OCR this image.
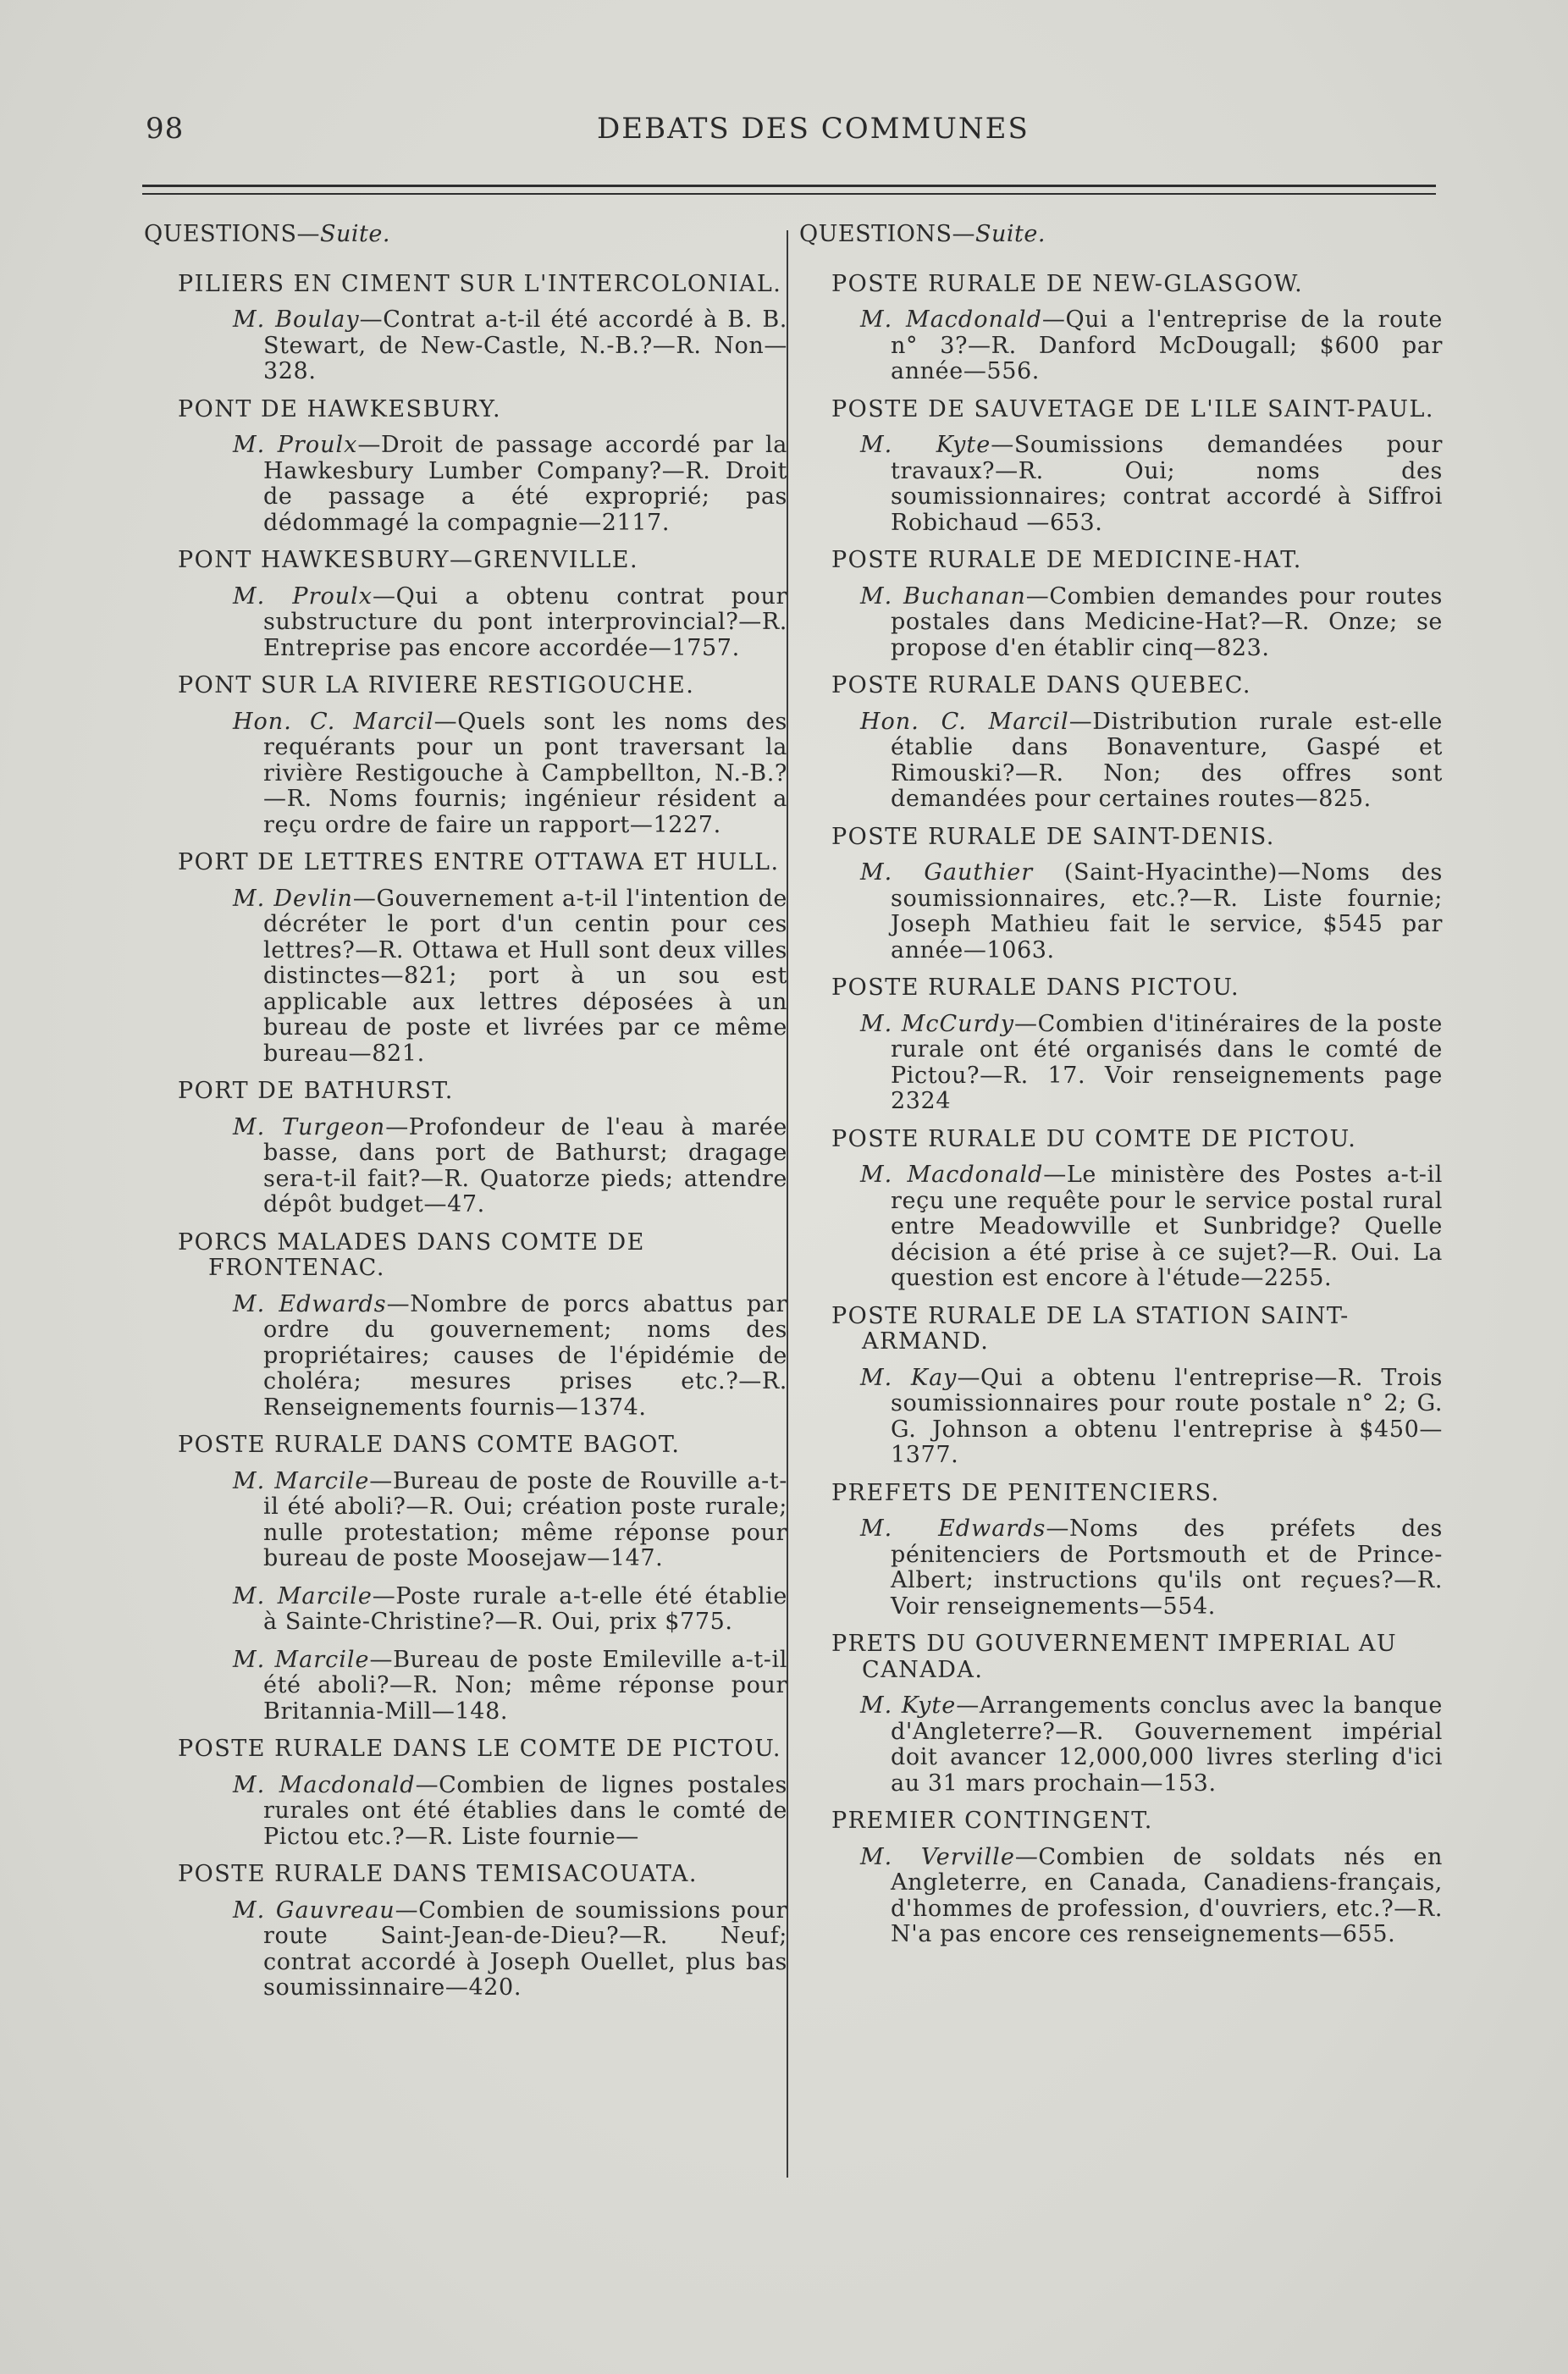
98	DEBATS DES COMMUNES
QUESTIONS—Suite.
PILIERS EN CIMENT SUR L'INTERCOLONIAL.
M. Boulay—Contrat a-t-il été accordé à B. B. Stewart, de New-Castle, N.-B.?—R. Non—328.
PONT DE HAWKESBURY.
M. Proulx—Droit de passage accordé par la Hawkesbury Lumber Company?—R. Droit de passage a été exproprié; pas dédommagé la compagnie—2117.
PONT HAWKESBURY—GRENVILLE.
M. Proulx—Qui a obtenu contrat pour substructure du pont interprovincial?—R. Entreprise pas encore accordée—1757.
PONT SUR LA RIVIERE RESTIGOUCHE.
Hon. C. Marcil—Quels sont les noms des requérants pour un pont traversant la rivière Restigouche à Campbellton, N.-B.? —R. Noms fournis; ingénieur résident a reçu ordre de faire un rapport—1227.
PORT DE LETTRES ENTRE OTTAWA ET HULL.
M. Devlin—Gouvernement a-t-il l'intention de décréter le port d'un centin pour ces lettres?—R. Ottawa et Hull sont deux villes distinctes—821; port à un sou est applicable aux lettres déposées à un bureau de poste et livrées par ce même bureau—821.
PORT DE BATHURST.
M. Turgeon—Profondeur de l'eau à marée basse, dans port de Bathurst; dragage sera-t-il fait?—R. Quatorze pieds; attendre dépôt budget—47.
PORCS MALADES DANS COMTE DE FRONTENAC.
M. Edwards—Nombre de porcs abattus par ordre du gouvernement; noms des propriétaires; causes de l'épidémie de choléra; mesures prises etc.?—R. Renseignements fournis—1374.
POSTE RURALE DANS COMTE BAGOT.
M. Marcile—Bureau de poste de Rouville a-t-il été aboli?—R. Oui; création poste rurale; nulle protestation; même réponse pour bureau de poste Moosejaw—147.
M. Marcile—Poste rurale a-t-elle été établie à Sainte-Christine?—R. Oui, prix $775.
M. Marcile—Bureau de poste Emileville a-t-il été aboli?—R. Non; même réponse pour Britannia-Mill—148.
POSTE RURALE DANS LE COMTE DE PICTOU.
M. Macdonald—Combien de lignes postales rurales ont été établies dans le comté de Pictou etc.?—R. Liste fournie—
POSTE RURALE DANS TEMISACOUATA.
M. Gauvreau—Combien de soumissions pour route Saint-Jean-de-Dieu?—R. Neuf; contrat accordé à Joseph Ouellet, plus bas soumissinnaire—420.
QUESTIONS—Suite.
POSTE RURALE DE NEW-GLASGOW.
M. Macdonald—Qui a l'entreprise de la route n° 3?—R. Danford McDougall; $600 par année—556.
POSTE DE SAUVETAGE DE L'ILE SAINT-PAUL.
M. Kyte—Soumissions demandées pour travaux?—R. Oui; noms des soumissionnaires; contrat accordé à Siffroi Robichaud —653.
POSTE RURALE DE MEDICINE-HAT.
M. Buchanan—Combien demandes pour routes postales dans Medicine-Hat?—R. Onze; se propose d'en établir cinq—823.
POSTE RURALE DANS QUEBEC.
Hon. C. Marcil—Distribution rurale est-elle établie dans Bonaventure, Gaspé et Rimouski?—R. Non; des offres sont demandées pour certaines routes—825.
POSTE RURALE DE SAINT-DENIS.
M. Gauthier (Saint-Hyacinthe)—Noms des soumissionnaires, etc.?—R. Liste fournie; Joseph Mathieu fait le service, $545 par année—1063.
POSTE RURALE DANS PICTOU.
M. McCurdy—Combien d'itinéraires de la poste rurale ont été organisés dans le comté de Pictou?—R. 17. Voir renseignements page 2324
POSTE RURALE DU COMTE DE PICTOU.
M. Macdonald—Le ministère des Postes a-t-il reçu une requête pour le service postal rural entre Meadowville et Sunbridge? Quelle décision a été prise à ce sujet?—R. Oui. La question est encore à l'étude—2255.
POSTE RURALE DE LA STATION SAINT-ARMAND.
M. Kay—Qui a obtenu l'entreprise—R. Trois soumissionnaires pour route postale n° 2; G. G. Johnson a obtenu l'entreprise à $450—1377.
PREFETS DE PENITENCIERS.
M. Edwards—Noms des préfets des pénitenciers de Portsmouth et de Prince-Albert; instructions qu'ils ont reçues?—R. Voir renseignements—554.
PRETS DU GOUVERNEMENT IMPERIAL AU CANADA.
M. Kyte—Arrangements conclus avec la banque d'Angleterre?—R. Gouvernement impérial doit avancer 12,000,000 livres sterling d'ici au 31 mars prochain—153.
PREMIER CONTINGENT.
M. Verville—Combien de soldats nés en Angleterre, en Canada, Canadiens-français, d'hommes de profession, d'ouvriers, etc.?—R. N'a pas encore ces renseignements—655.
